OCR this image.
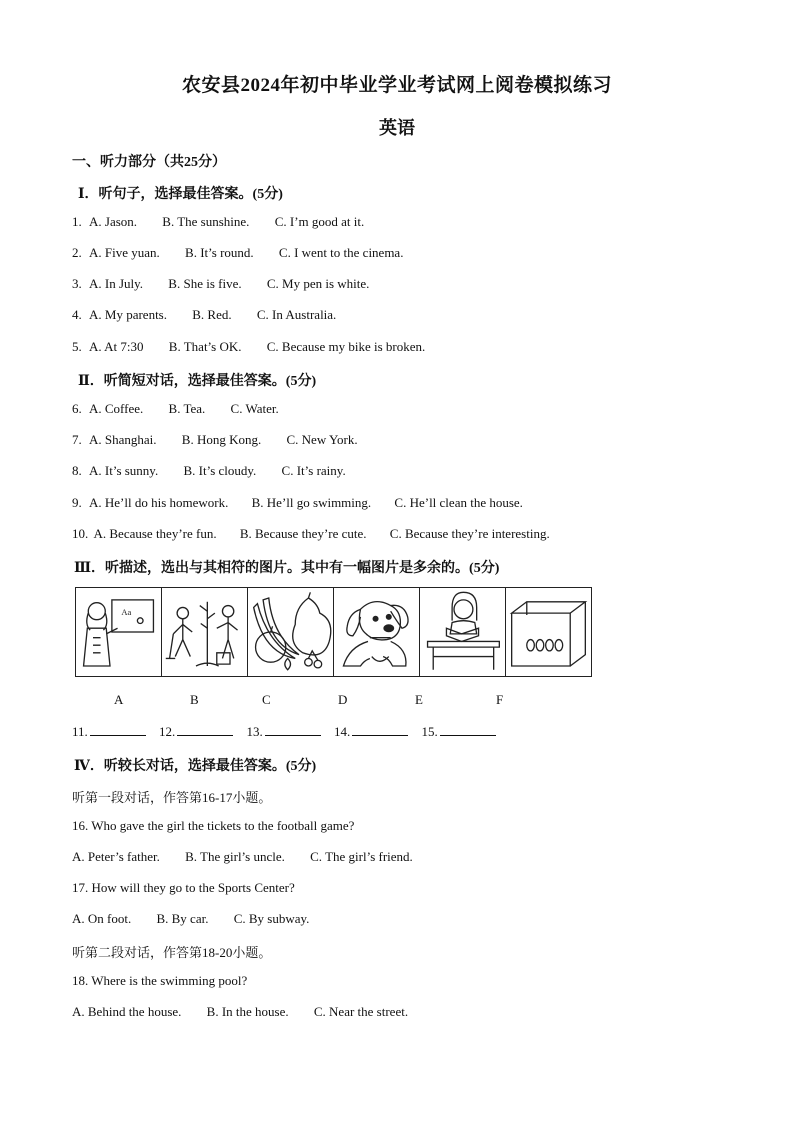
农安县2024年初中毕业学业考试网上阅卷模拟练习
英语
一、听力部分（共25分）
Ⅰ．听句子，选择最佳答案。(5分)
1. A. Jason. B. The sunshine. C. I’m good at it.
2. A. Five yuan. B. It’s round. C. I went to the cinema.
3. A. In July. B. She is five. C. My pen is white.
4. A. My parents. B. Red. C. In Australia.
5. A. At 7:30 B. That’s OK. C. Because my bike is broken.
Ⅱ．听简短对话，选择最佳答案。(5分)
6. A. Coffee. B. Tea. C. Water.
7. A. Shanghai. B. Hong Kong. C. New York.
8. A. It’s sunny. B. It’s cloudy. C. It’s rainy.
9. A. He’ll do his homework. B. He’ll go swimming. C. He’ll clean the house.
10. A. Because they’re fun. B. Because they’re cute. C. Because they’re interesting.
Ⅲ．听描述，选出与其相符的图片。其中有一幅图片是多余的。(5分)
Aa
A	B	C	D	E	F
11.	12.	13.	14.	15.
Ⅳ．听较长对话，选择最佳答案。(5分)
听第一段对话，作答第16-17小题。
16. Who gave the girl the tickets to the football game?
A. Peter’s father. B. The girl’s uncle. C. The girl’s friend.
17. How will they go to the Sports Center?
A. On foot. B. By car. C. By subway.
听第二段对话，作答第18-20小题。
18. Where is the swimming pool?
A. Behind the house. B. In the house. C. Near the street.
